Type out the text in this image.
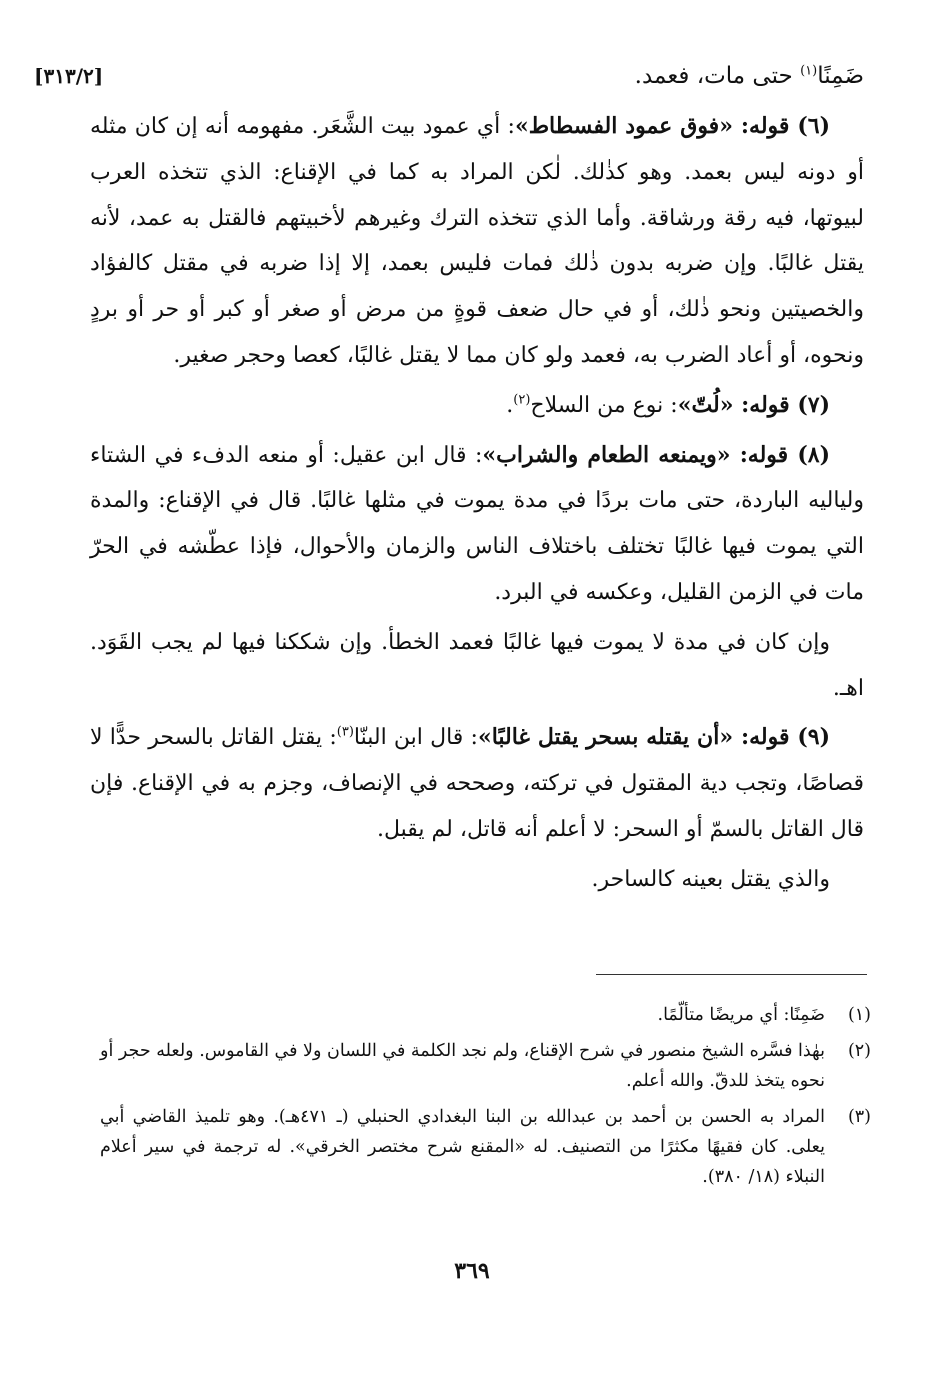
[٣١٣/٢]	ضَمِنًا$^{(١)}$ حتى مات، فعمد.

(٦) قوله: «فوق عمود الفسطاط»: أي عمود بيت الشَّعَر. مفهومه أنه إن كان مثله أو دونه ليس بعمد. وهو كذٰلك. لٰكن المراد به كما في الإقناع: الذي تتخذه العرب لبيوتها، فيه رقة ورشاقة. وأما الذي تتخذه الترك وغيرهم لأخبيتهم فالقتل به عمد، لأنه يقتل غالبًا. وإن ضربه بدون ذٰلك فمات فليس بعمد، إلا إذا ضربه في مقتل كالفؤاد والخصيتين ونحو ذٰلك، أو في حال ضعف قوةٍ من مرض أو صغر أو كبر أو حر أو بردٍ ونحوه، أو أعاد الضرب به، فعمد ولو كان مما لا يقتل غالبًا، كعصا وحجر صغير.

(٧) قوله: «لُتّ»: نوع من السلاح$^{(٢)}$.

(٨) قوله: «ويمنعه الطعام والشراب»: قال ابن عقيل: أو منعه الدفء في الشتاء ولياليه الباردة، حتى مات بردًا في مدة يموت في مثلها غالبًا. قال في الإقناع: والمدة التي يموت فيها غالبًا تختلف باختلاف الناس والزمان والأحوال، فإذا عطّشه في الحرّ مات في الزمن القليل، وعكسه في البرد.

وإن كان في مدة لا يموت فيها غالبًا فعمد الخطأ. وإن شككنا فيها لم يجب القَوَد. اهـ.

(٩) قوله: «أن يقتله بسحر يقتل غالبًا»: قال ابن البنّا$^{(٣)}$: يقتل القاتل بالسحر حدًّا لا قصاصًا، وتجب دية المقتول في تركته، وصححه في الإنصاف، وجزم به في الإقناع. فإن قال القاتل بالسمّ أو السحر: لا أعلم أنه قاتل، لم يقبل.

والذي يقتل بعينه كالساحر.

(١)
ضَمِنًا: أي مريضًا متألّمًا.
(٢)
بهٰذا فسَّره الشيخ منصور في شرح الإقناع، ولم نجد الكلمة في اللسان ولا في القاموس. ولعله حجر أو نحوه يتخذ للدقّ. والله أعلم.
(٣)
المراد به الحسن بن أحمد بن عبدالله بن البنا البغدادي الحنبلي (ـ ٤٧١هـ). وهو تلميذ القاضي أبي يعلى. كان فقيهًا مكثرًا من التصنيف. له «المقنع شرح مختصر الخرقي». له ترجمة في سير أعلام النبلاء (١٨/ ٣٨٠).
٣٦٩
